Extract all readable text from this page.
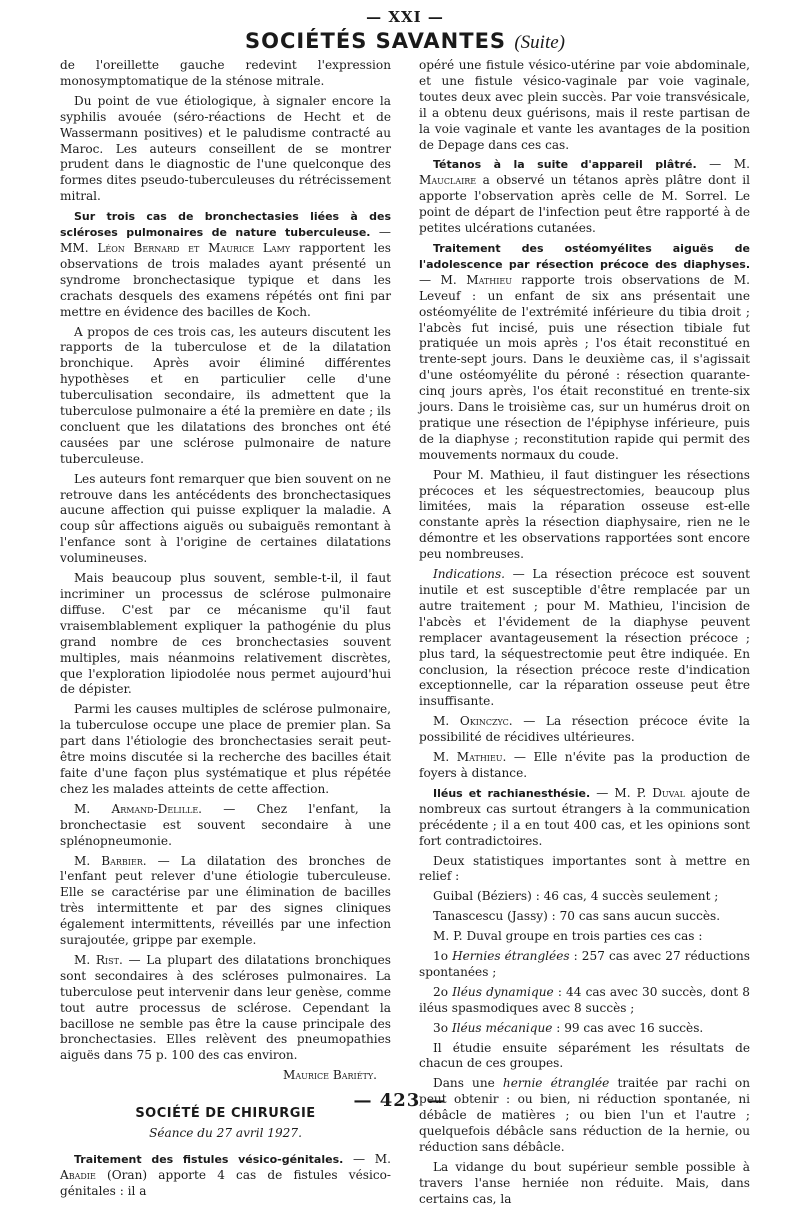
— XXI —
SOCIÉTÉS SAVANTES (Suite)

de l'oreillette gauche redevint l'expression monosymptomatique de la sténose mitrale.

Du point de vue étiologique, à signaler encore la syphilis avouée (séro-réactions de Hecht et de Wassermann positives) et le paludisme contracté au Maroc. Les auteurs conseillent de se montrer prudent dans le diagnostic de l'une quelconque des formes dites pseudo-tuberculeuses du rétrécissement mitral.

Sur trois cas de bronchectasies liées à des scléroses pulmonaires de nature tuberculeuse. — MM. Léon Bernard et Maurice Lamy rapportent les observations de trois malades ayant présenté un syndrome bronchectasique typique et dans les crachats desquels des examens répétés ont fini par mettre en évidence des bacilles de Koch.

A propos de ces trois cas, les auteurs discutent les rapports de la tuberculose et de la dilatation bronchique. Après avoir éliminé différentes hypothèses et en particulier celle d'une tuberculisation secondaire, ils admettent que la tuberculose pulmonaire a été la première en date ; ils concluent que les dilatations des bronches ont été causées par une sclérose pulmonaire de nature tuberculeuse.

Les auteurs font remarquer que bien souvent on ne retrouve dans les antécédents des bronchectasiques aucune affection qui puisse expliquer la maladie. A coup sûr affections aiguës ou subaiguës remontant à l'enfance sont à l'origine de certaines dilatations volumineuses.

Mais beaucoup plus souvent, semble-t-il, il faut incriminer un processus de sclérose pulmonaire diffuse. C'est par ce mécanisme qu'il faut vraisemblablement expliquer la pathogénie du plus grand nombre de ces bronchectasies souvent multiples, mais néanmoins relativement discrètes, que l'exploration lipiodolée nous permet aujourd'hui de dépister.

Parmi les causes multiples de sclérose pulmonaire, la tuberculose occupe une place de premier plan. Sa part dans l'étiologie des bronchectasies serait peut-être moins discutée si la recherche des bacilles était faite d'une façon plus systématique et plus répétée chez les malades atteints de cette affection.

M. Armand-Delille. — Chez l'enfant, la bronchectasie est souvent secondaire à une splénopneumonie.

M. Barbier. — La dilatation des bronches de l'enfant peut relever d'une étiologie tuberculeuse. Elle se caractérise par une élimination de bacilles très intermittente et par des signes cliniques également intermittents, réveillés par une infection surajoutée, grippe par exemple.

M. Rist. — La plupart des dilatations bronchiques sont secondaires à des scléroses pulmonaires. La tuberculose peut intervenir dans leur genèse, comme tout autre processus de sclérose. Cependant la bacillose ne semble pas être la cause principale des bronchectasies. Elles relèvent des pneumopathies aiguës dans 75 p. 100 des cas environ.

Maurice Bariéty.
SOCIÉTÉ DE CHIRURGIE
Séance du 27 avril 1927.

Traitement des fistules vésico-génitales. — M. Abadie (Oran) apporte 4 cas de fistules vésico-génitales : il a

opéré une fistule vésico-utérine par voie abdominale, et une fistule vésico-vaginale par voie vaginale, toutes deux avec plein succès. Par voie transvésicale, il a obtenu deux guérisons, mais il reste partisan de la voie vaginale et vante les avantages de la position de Depage dans ces cas.

Tétanos à la suite d'appareil plâtré. — M. Mauclaire a observé un tétanos après plâtre dont il apporte l'observation après celle de M. Sorrel. Le point de départ de l'infection peut être rapporté à de petites ulcérations cutanées.

Traitement des ostéomyélites aiguës de l'adolescence par résection précoce des diaphyses. — M. Mathieu rapporte trois observations de M. Leveuf : un enfant de six ans présentait une ostéomyélite de l'extrémité inférieure du tibia droit ; l'abcès fut incisé, puis une résection tibiale fut pratiquée un mois après ; l'os était reconstitué en trente-sept jours. Dans le deuxième cas, il s'agissait d'une ostéomyélite du péroné : résection quarante-cinq jours après, l'os était reconstitué en trente-six jours. Dans le troisième cas, sur un humérus droit on pratique une résection de l'épiphyse inférieure, puis de la diaphyse ; reconstitution rapide qui permit des mouvements normaux du coude.

Pour M. Mathieu, il faut distinguer les résections précoces et les séquestrectomies, beaucoup plus limitées, mais la réparation osseuse est-elle constante après la résection diaphysaire, rien ne le démontre et les observations rapportées sont encore peu nombreuses.

Indications. — La résection précoce est souvent inutile et est susceptible d'être remplacée par un autre traitement ; pour M. Mathieu, l'incision de l'abcès et l'évidement de la diaphyse peuvent remplacer avantageusement la résection précoce ; plus tard, la séquestrectomie peut être indiquée. En conclusion, la résection précoce reste d'indication exceptionnelle, car la réparation osseuse peut être insuffisante.

M. Okinczyc. — La résection précoce évite la possibilité de récidives ultérieures.

M. Mathieu. — Elle n'évite pas la production de foyers à distance.

Iléus et rachianesthésie. — M. P. Duval ajoute de nombreux cas surtout étrangers à la communication précédente ; il a en tout 400 cas, et les opinions sont fort contradictoires.

Deux statistiques importantes sont à mettre en relief :

Guibal (Béziers) : 46 cas, 4 succès seulement ;

Tanascescu (Jassy) : 70 cas sans aucun succès.

M. P. Duval groupe en trois parties ces cas :

1o Hernies étranglées : 257 cas avec 27 réductions spontanées ;

2o Iléus dynamique : 44 cas avec 30 succès, dont 8 iléus spasmodiques avec 8 succès ;

3o Iléus mécanique : 99 cas avec 16 succès.

Il étudie ensuite séparément les résultats de chacun de ces groupes.

Dans une hernie étranglée traitée par rachi on peut obtenir : ou bien, ni réduction spontanée, ni débâcle de matières ; ou bien l'un et l'autre ; quelquefois débâcle sans réduction de la hernie, ou réduction sans débâcle.

La vidange du bout supérieur semble possible à travers l'anse herniée non réduite. Mais, dans certains cas, la

— 423 —
